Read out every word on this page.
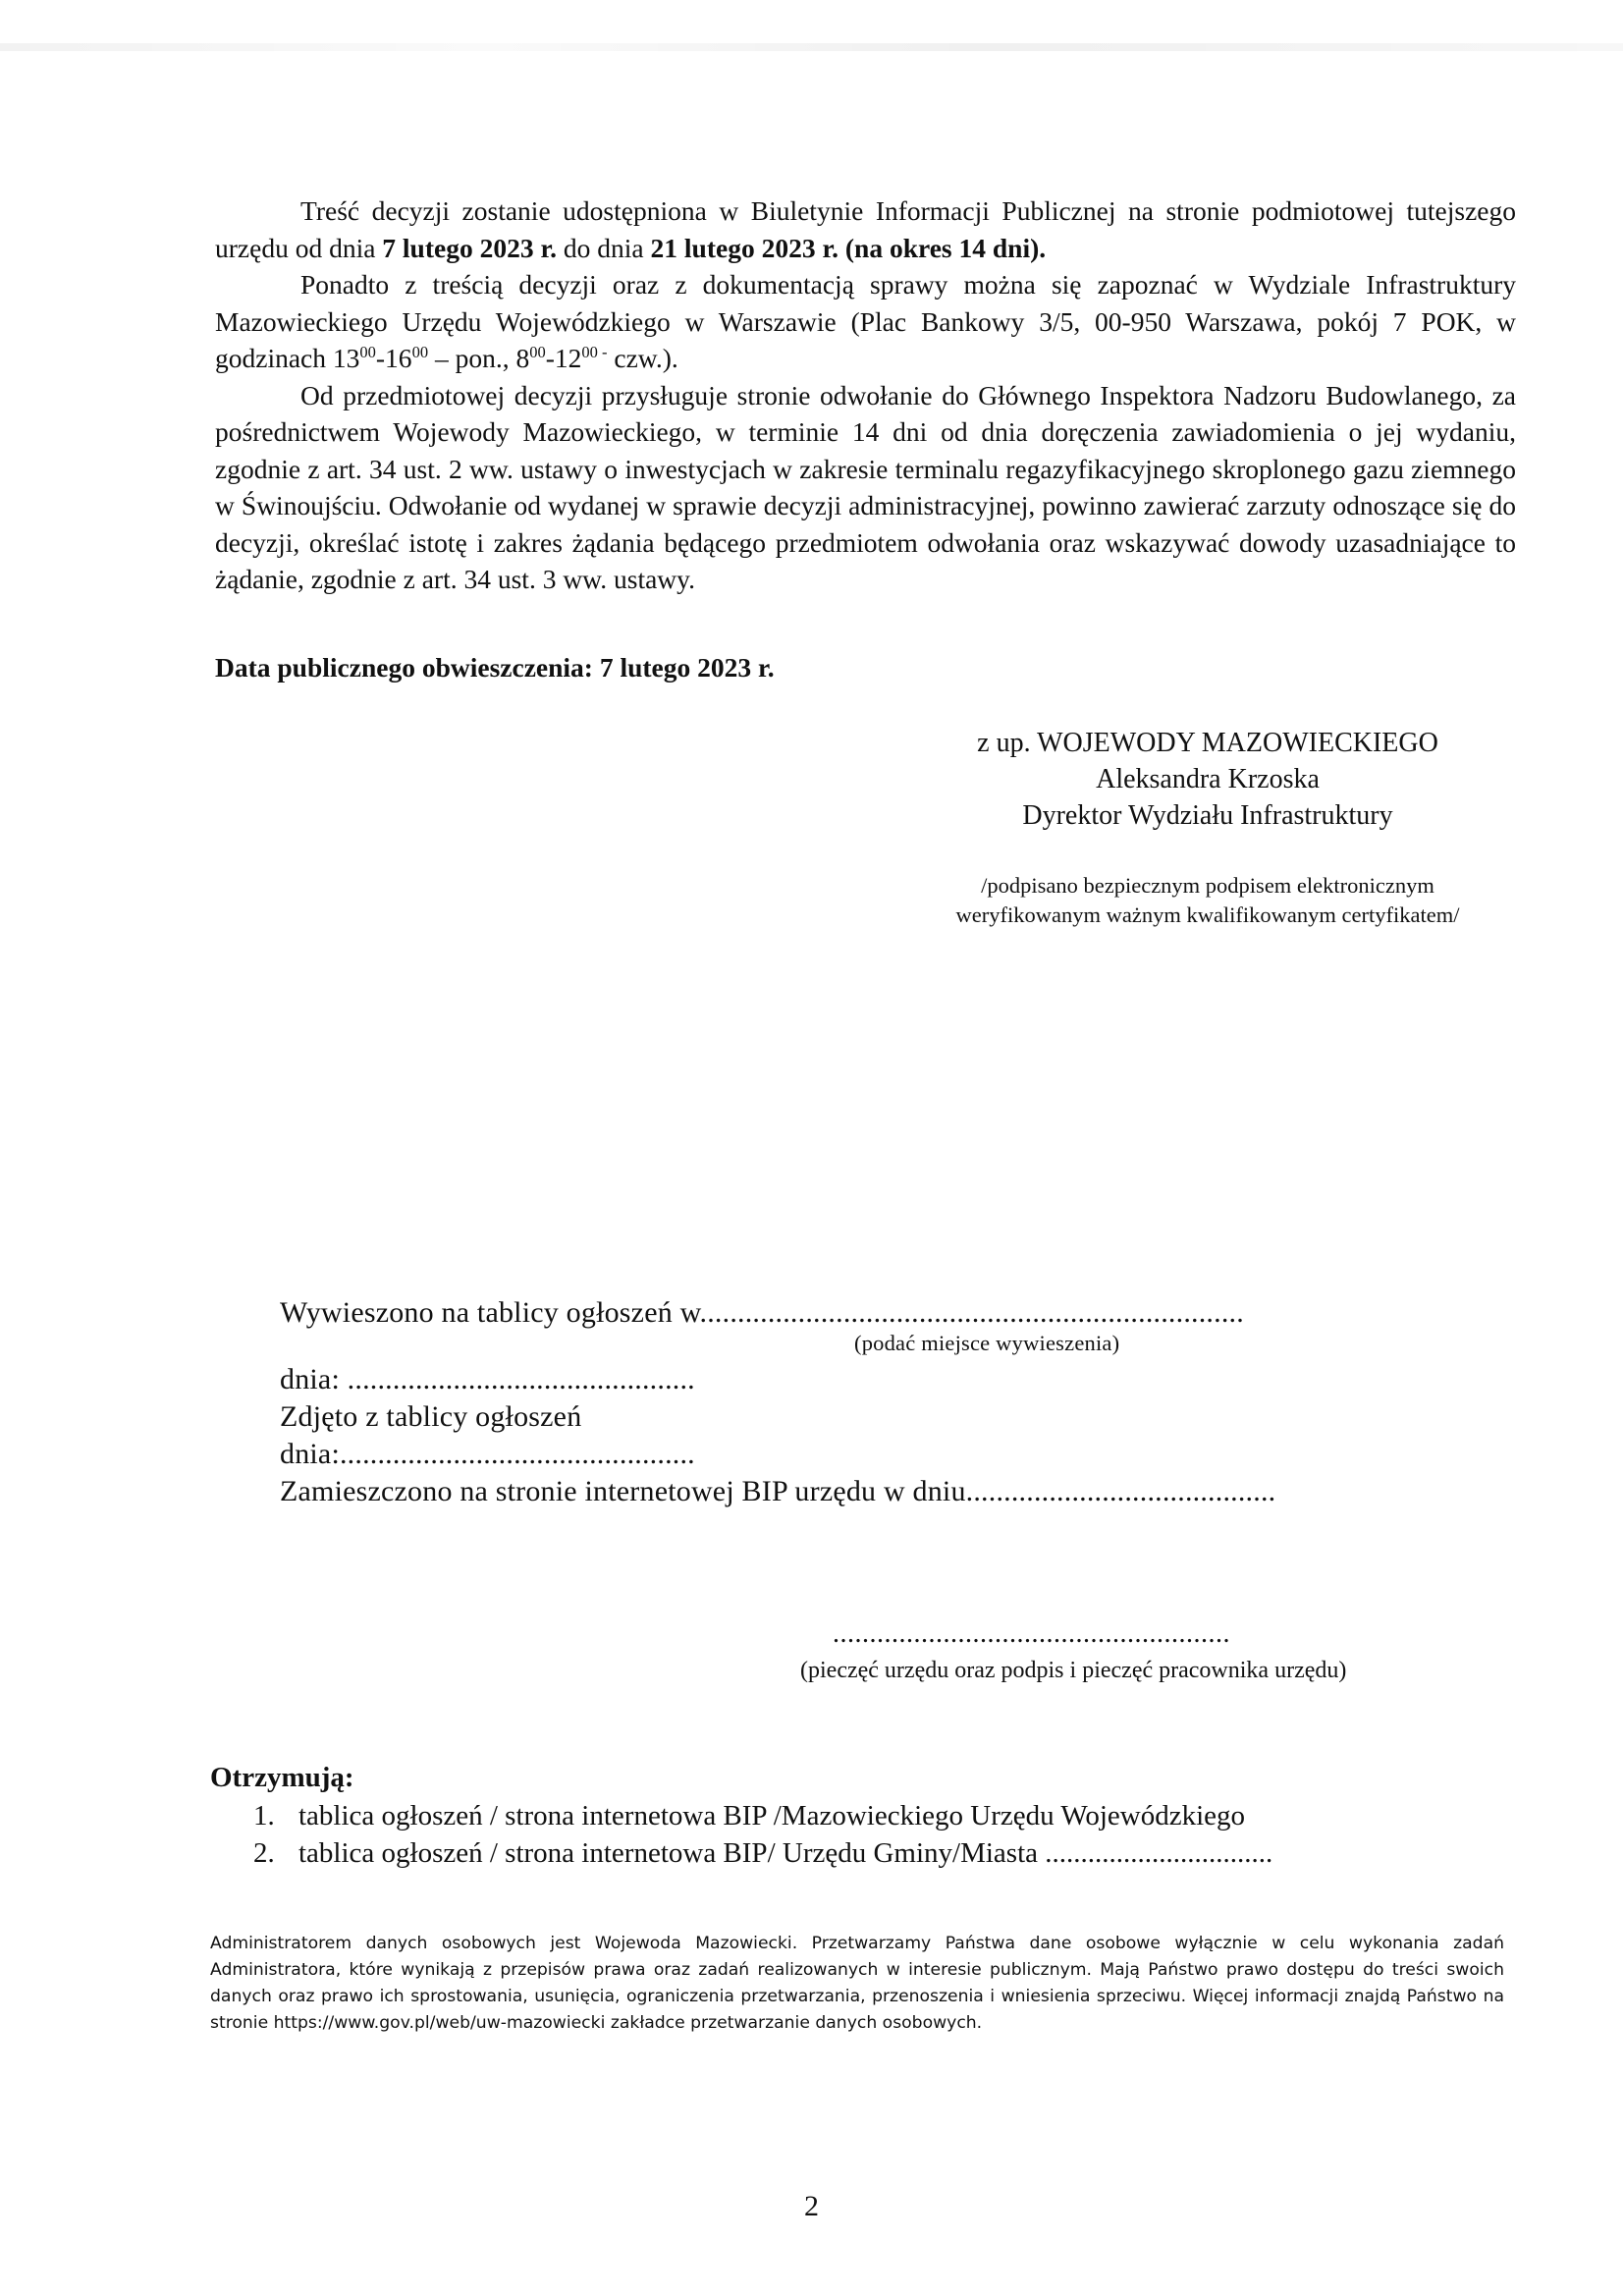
Treść decyzji zostanie udostępniona w Biuletynie Informacji Publicznej na stronie podmiotowej tutejszego urzędu od dnia 7 lutego 2023 r. do dnia 21 lutego 2023 r. (na okres 14 dni).

Ponadto z treścią decyzji oraz z dokumentacją sprawy można się zapoznać w Wydziale Infrastruktury Mazowieckiego Urzędu Wojewódzkiego w Warszawie (Plac Bankowy 3/5, 00-950 Warszawa, pokój 7 POK, w godzinach $13^{00}-16^{00}$ – pon., $8^{00}-12^{00 -}$ czw.).

Od przedmiotowej decyzji przysługuje stronie odwołanie do Głównego Inspektora Nadzoru Budowlanego, za pośrednictwem Wojewody Mazowieckiego, w terminie 14 dni od dnia doręczenia zawiadomienia o jej wydaniu, zgodnie z art. 34 ust. 2 ww. ustawy o inwestycjach w zakresie terminalu regazyfikacyjnego skroplonego gazu ziemnego w Świnoujściu. Odwołanie od wydanej w sprawie decyzji administracyjnej, powinno zawierać zarzuty odnoszące się do decyzji, określać istotę i zakres żądania będącego przedmiotem odwołania oraz wskazywać dowody uzasadniające to żądanie, zgodnie z art. 34 ust. 3 ww. ustawy.

Data publicznego obwieszczenia: 7 lutego 2023 r.
z up. WOJEWODY MAZOWIECKIEGO
Aleksandra Krzoska
Dyrektor Wydziału Infrastruktury
/podpisano bezpiecznym podpisem elektronicznym
weryfikowanym ważnym kwalifikowanym certyfikatem/
Wywieszono na tablicy ogłoszeń w........................................................................
(podać miejsce wywieszenia)
dnia: ..............................................
Zdjęto z tablicy ogłoszeń
dnia:...............................................
Zamieszczono na stronie internetowej BIP urzędu w dniu.........................................
......................................................
(pieczęć urzędu oraz podpis i pieczęć pracownika urzędu)
Otrzymują:
1. tablica ogłoszeń / strona internetowa BIP /Mazowieckiego Urzędu Wojewódzkiego
2. tablica ogłoszeń / strona internetowa BIP/ Urzędu Gminy/Miasta ................................
Administratorem danych osobowych jest Wojewoda Mazowiecki. Przetwarzamy Państwa dane osobowe wyłącznie w celu wykonania zadań Administratora, które wynikają z przepisów prawa oraz zadań realizowanych w interesie publicznym. Mają Państwo prawo dostępu do treści swoich danych oraz prawo ich sprostowania, usunięcia, ograniczenia przetwarzania, przenoszenia i wniesienia sprzeciwu. Więcej informacji znajdą Państwo na stronie https://www.gov.pl/web/uw-mazowiecki zakładce przetwarzanie danych osobowych.
2
